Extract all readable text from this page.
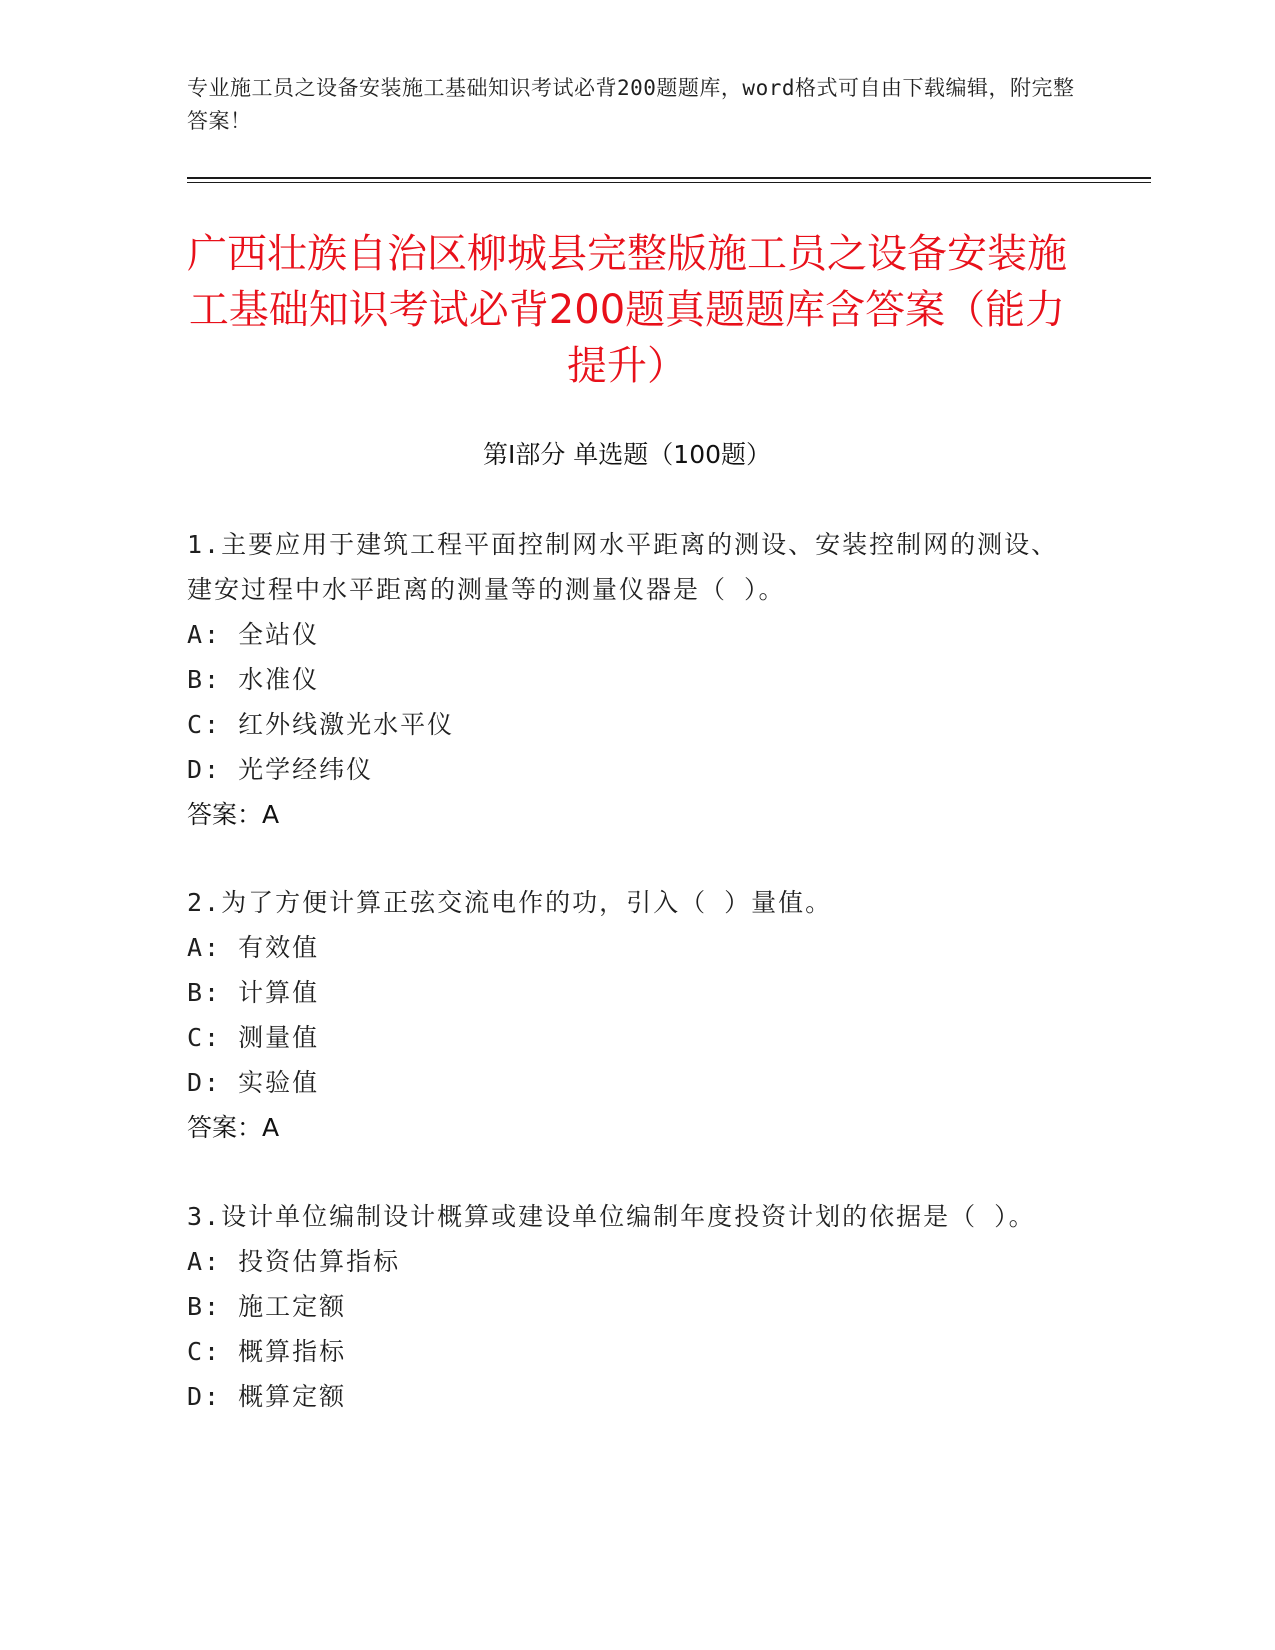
专业施工员之设备安装施工基础知识考试必背200题题库，word格式可自由下载编辑，附完整答案！
广西壮族自治区柳城县完整版施工员之设备安装施工基础知识考试必背200题真题题库含答案（能力提升）
第Ⅰ部分 单选题（100题）

1.主要应用于建筑工程平面控制网水平距离的测设、安装控制网的测设、建安过程中水平距离的测量等的测量仪器是（ ）。

A: 全站仪

B: 水准仪

C: 红外线激光水平仪

D: 光学经纬仪

答案：A

2.为了方便计算正弦交流电作的功，引入（ ）量值。

A: 有效值

B: 计算值

C: 测量值

D: 实验值

答案：A

3.设计单位编制设计概算或建设单位编制年度投资计划的依据是（ ）。

A: 投资估算指标

B: 施工定额

C: 概算指标

D: 概算定额
